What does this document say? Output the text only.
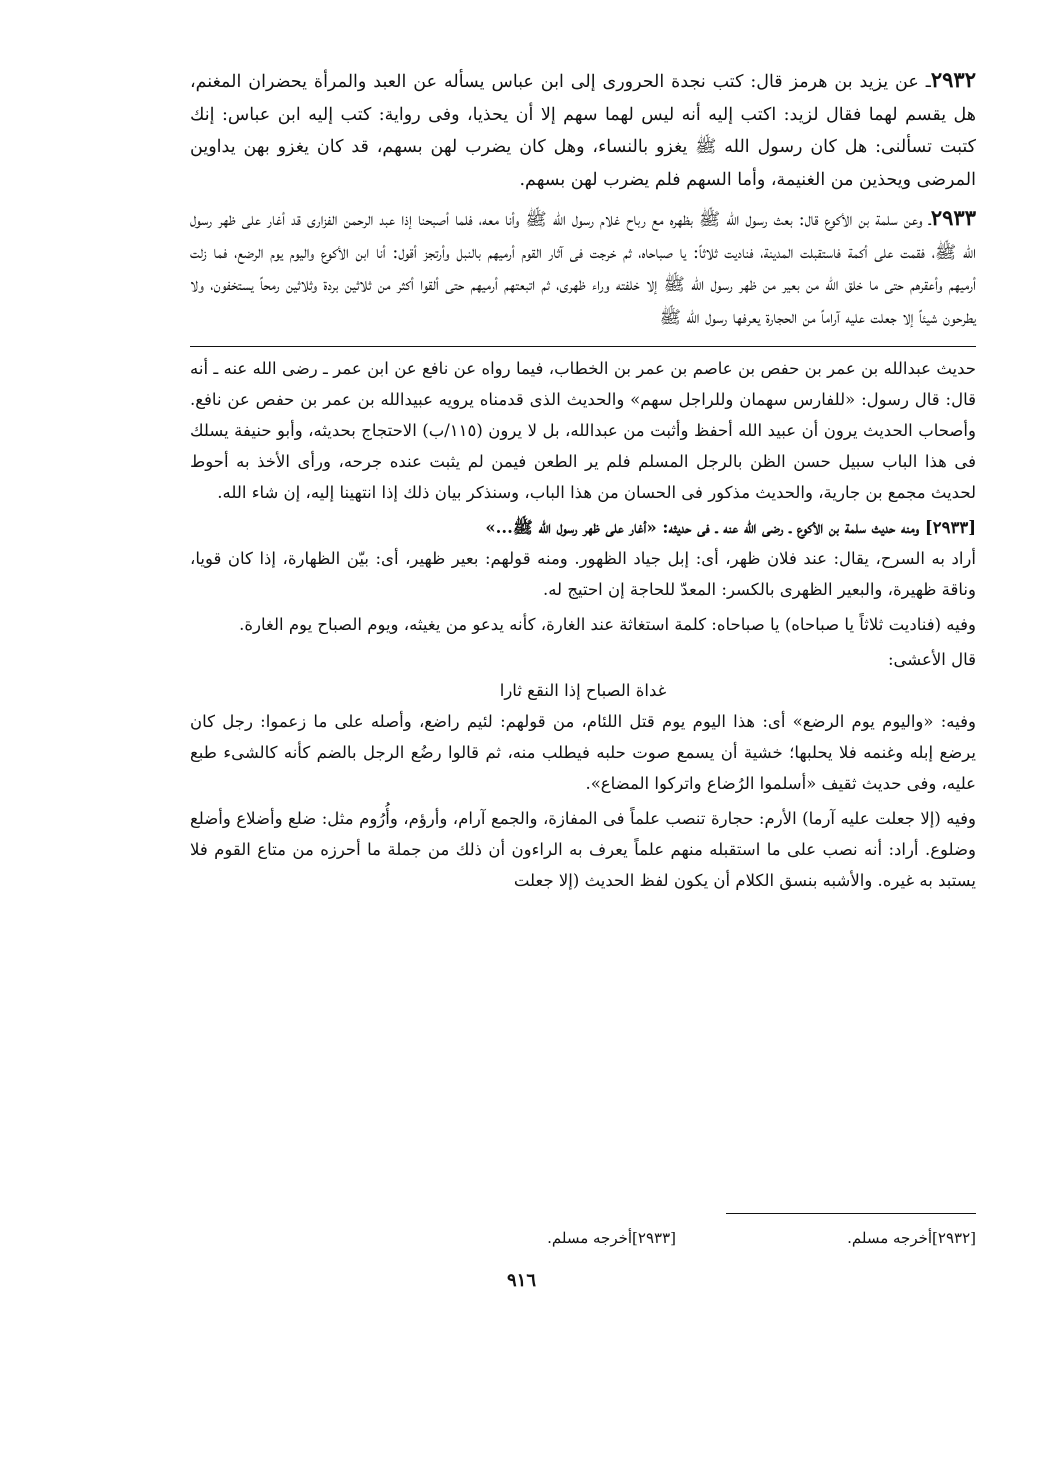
٢٩٣٢ـ عن يزيد بن هرمز قال: كتب نجدة الحرورى إلى ابن عباس يسأله عن العبد والمرأة يحضران المغنم، هل يقسم لهما فقال لزيد: اكتب إليه أنه ليس لهما سهم إلا أن يحذيا، وفى رواية: كتب إليه ابن عباس: إنك كتبت تسألنى: هل كان رسول الله ﷺ يغزو بالنساء، وهل كان يضرب لهن بسهم، قد كان يغزو بهن يداوين المرضى ويحذين من الغنيمة، وأما السهم فلم يضرب لهن بسهم.

٢٩٣٣ـ وعن سلمة بن الأكوع قال: بعث رسول الله ﷺ بظهره مع رباح غلام رسول الله ﷺ وأنا معه، فلما أصبحنا إذا عبد الرحمن الفزارى قد أغار على ظهر رسول الله ﷺ، فقمت على أكمة فاستقبلت المدينة، فناديت ثلاثاً: يا صباحاه، ثم خرجت فى آثار القوم أرميهم بالنبل وأرتجز أقول: أنا ابن الأكوع واليوم يوم الرضع، فما زلت أرميهم وأعقرهم حتى ما خلق الله من بعير من ظهر رسول الله ﷺ إلا خلفته وراء ظهرى، ثم اتبعتهم أرميهم حتى ألقوا أكثر من ثلاثين بردة وثلاثين رمحاً يستخفون، ولا يطرحون شيئاً إلا جعلت عليه آراماً من الحجارة يعرفها رسول الله ﷺ

حديث عبدالله بن عمر بن حفص بن عاصم بن عمر بن الخطاب، فيما رواه عن نافع عن ابن عمر ـ رضى الله عنه ـ أنه قال: قال رسول: «للفارس سهمان وللراجل سهم» والحديث الذى قدمناه يرويه عبيدالله بن عمر بن حفص عن نافع. وأصحاب الحديث يرون أن عبيد الله أحفظ وأثبت من عبدالله، بل لا يرون (١١٥/ب) الاحتجاج بحديثه، وأبو حنيفة يسلك فى هذا الباب سبيل حسن الظن بالرجل المسلم فلم ير الطعن فيمن لم يثبت عنده جرحه، ورأى الأخذ به أحوط لحديث مجمع بن جارية، والحديث مذكور فى الحسان من هذا الباب، وسنذكر بيان ذلك إذا انتهينا إليه، إن شاء الله.

[٢٩٣٣] ومنه حديث سلمة بن الأكوع ـ رضى الله عنه ـ فى حديثه: «أغار على ظهر رسول الله ﷺ...»
أراد به السرح، يقال: عند فلان ظهر، أى: إبل جياد الظهور. ومنه قولهم: بعير ظهير، أى: بيّن الظهارة، إذا كان قويا، وناقة ظهيرة، والبعير الظهرى بالكسر: المعدّ للحاجة إن احتيج له.

وفيه (فناديت ثلاثاً يا صباحاه) يا صباحاه: كلمة استغاثة عند الغارة، كأنه يدعو من يغيثه، ويوم الصباح يوم الغارة.

قال الأعشى:

غداة الصباح إذا النقع ثارا

وفيه: «واليوم يوم الرضع» أى: هذا اليوم يوم قتل اللئام، من قولهم: لئيم راضع، وأصله على ما زعموا: رجل كان يرضع إبله وغنمه فلا يحلبها؛ خشية أن يسمع صوت حلبه فيطلب منه، ثم قالوا رضُع الرجل بالضم كأنه كالشىء طبع عليه، وفى حديث ثقيف «أسلموا الرُضاع واتركوا المضاع».

وفيه (إلا جعلت عليه آرما) الأرم: حجارة تنصب علماً فى المفازة، والجمع آرام، وأرؤم، وأُرُوم مثل: ضلع وأضلاع وأضلع وضلوع. أراد: أنه نصب على ما استقبله منهم علماً يعرف به الراءون أن ذلك من جملة ما أحرزه من متاع القوم فلا يستبد به غيره. والأشبه بنسق الكلام أن يكون لفظ الحديث (إلا جعلت

[٢٩٣٢]أخرجه مسلم.
[٢٩٣٣]أخرجه مسلم.
٩١٦
